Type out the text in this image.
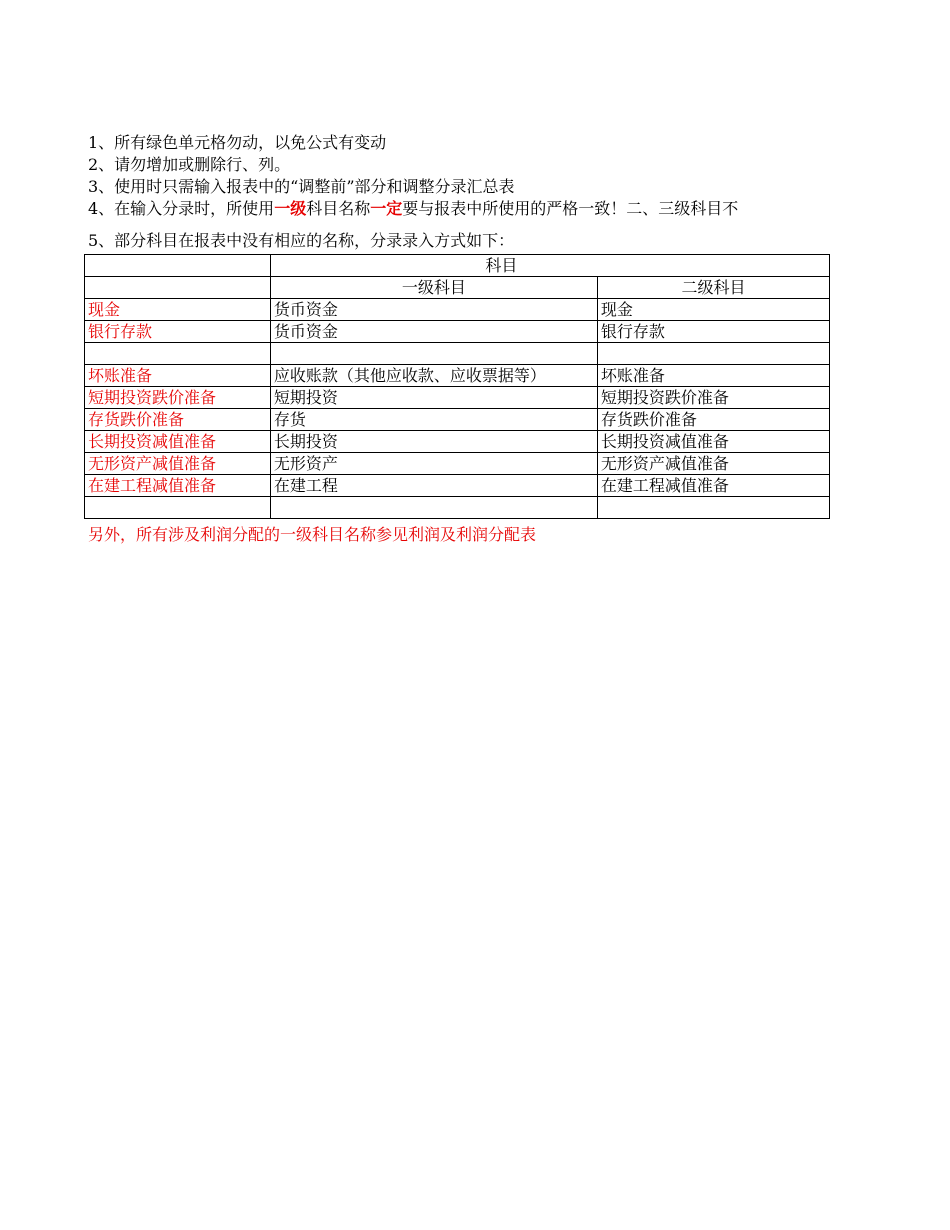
1、所有绿色单元格勿动，以免公式有变动
2、请勿增加或删除行、列。
3、使用时只需输入报表中的“调整前”部分和调整分录汇总表
4、在输入分录时，所使用一级科目名称一定要与报表中所使用的严格一致！二、三级科目不
5、部分科目在报表中没有相应的名称，分录录入方式如下：
	科目	
	一级科目	二级科目
现金	货币资金	现金
银行存款	货币资金	银行存款

坏账准备	应收账款（其他应收款、应收票据等）	坏账准备
短期投资跌价准备	短期投资	短期投资跌价准备
存货跌价准备	存货	存货跌价准备
长期投资减值准备	长期投资	长期投资减值准备
无形资产减值准备	无形资产	无形资产减值准备
在建工程减值准备	在建工程	在建工程减值准备

另外，所有涉及利润分配的一级科目名称参见利润及利润分配表
